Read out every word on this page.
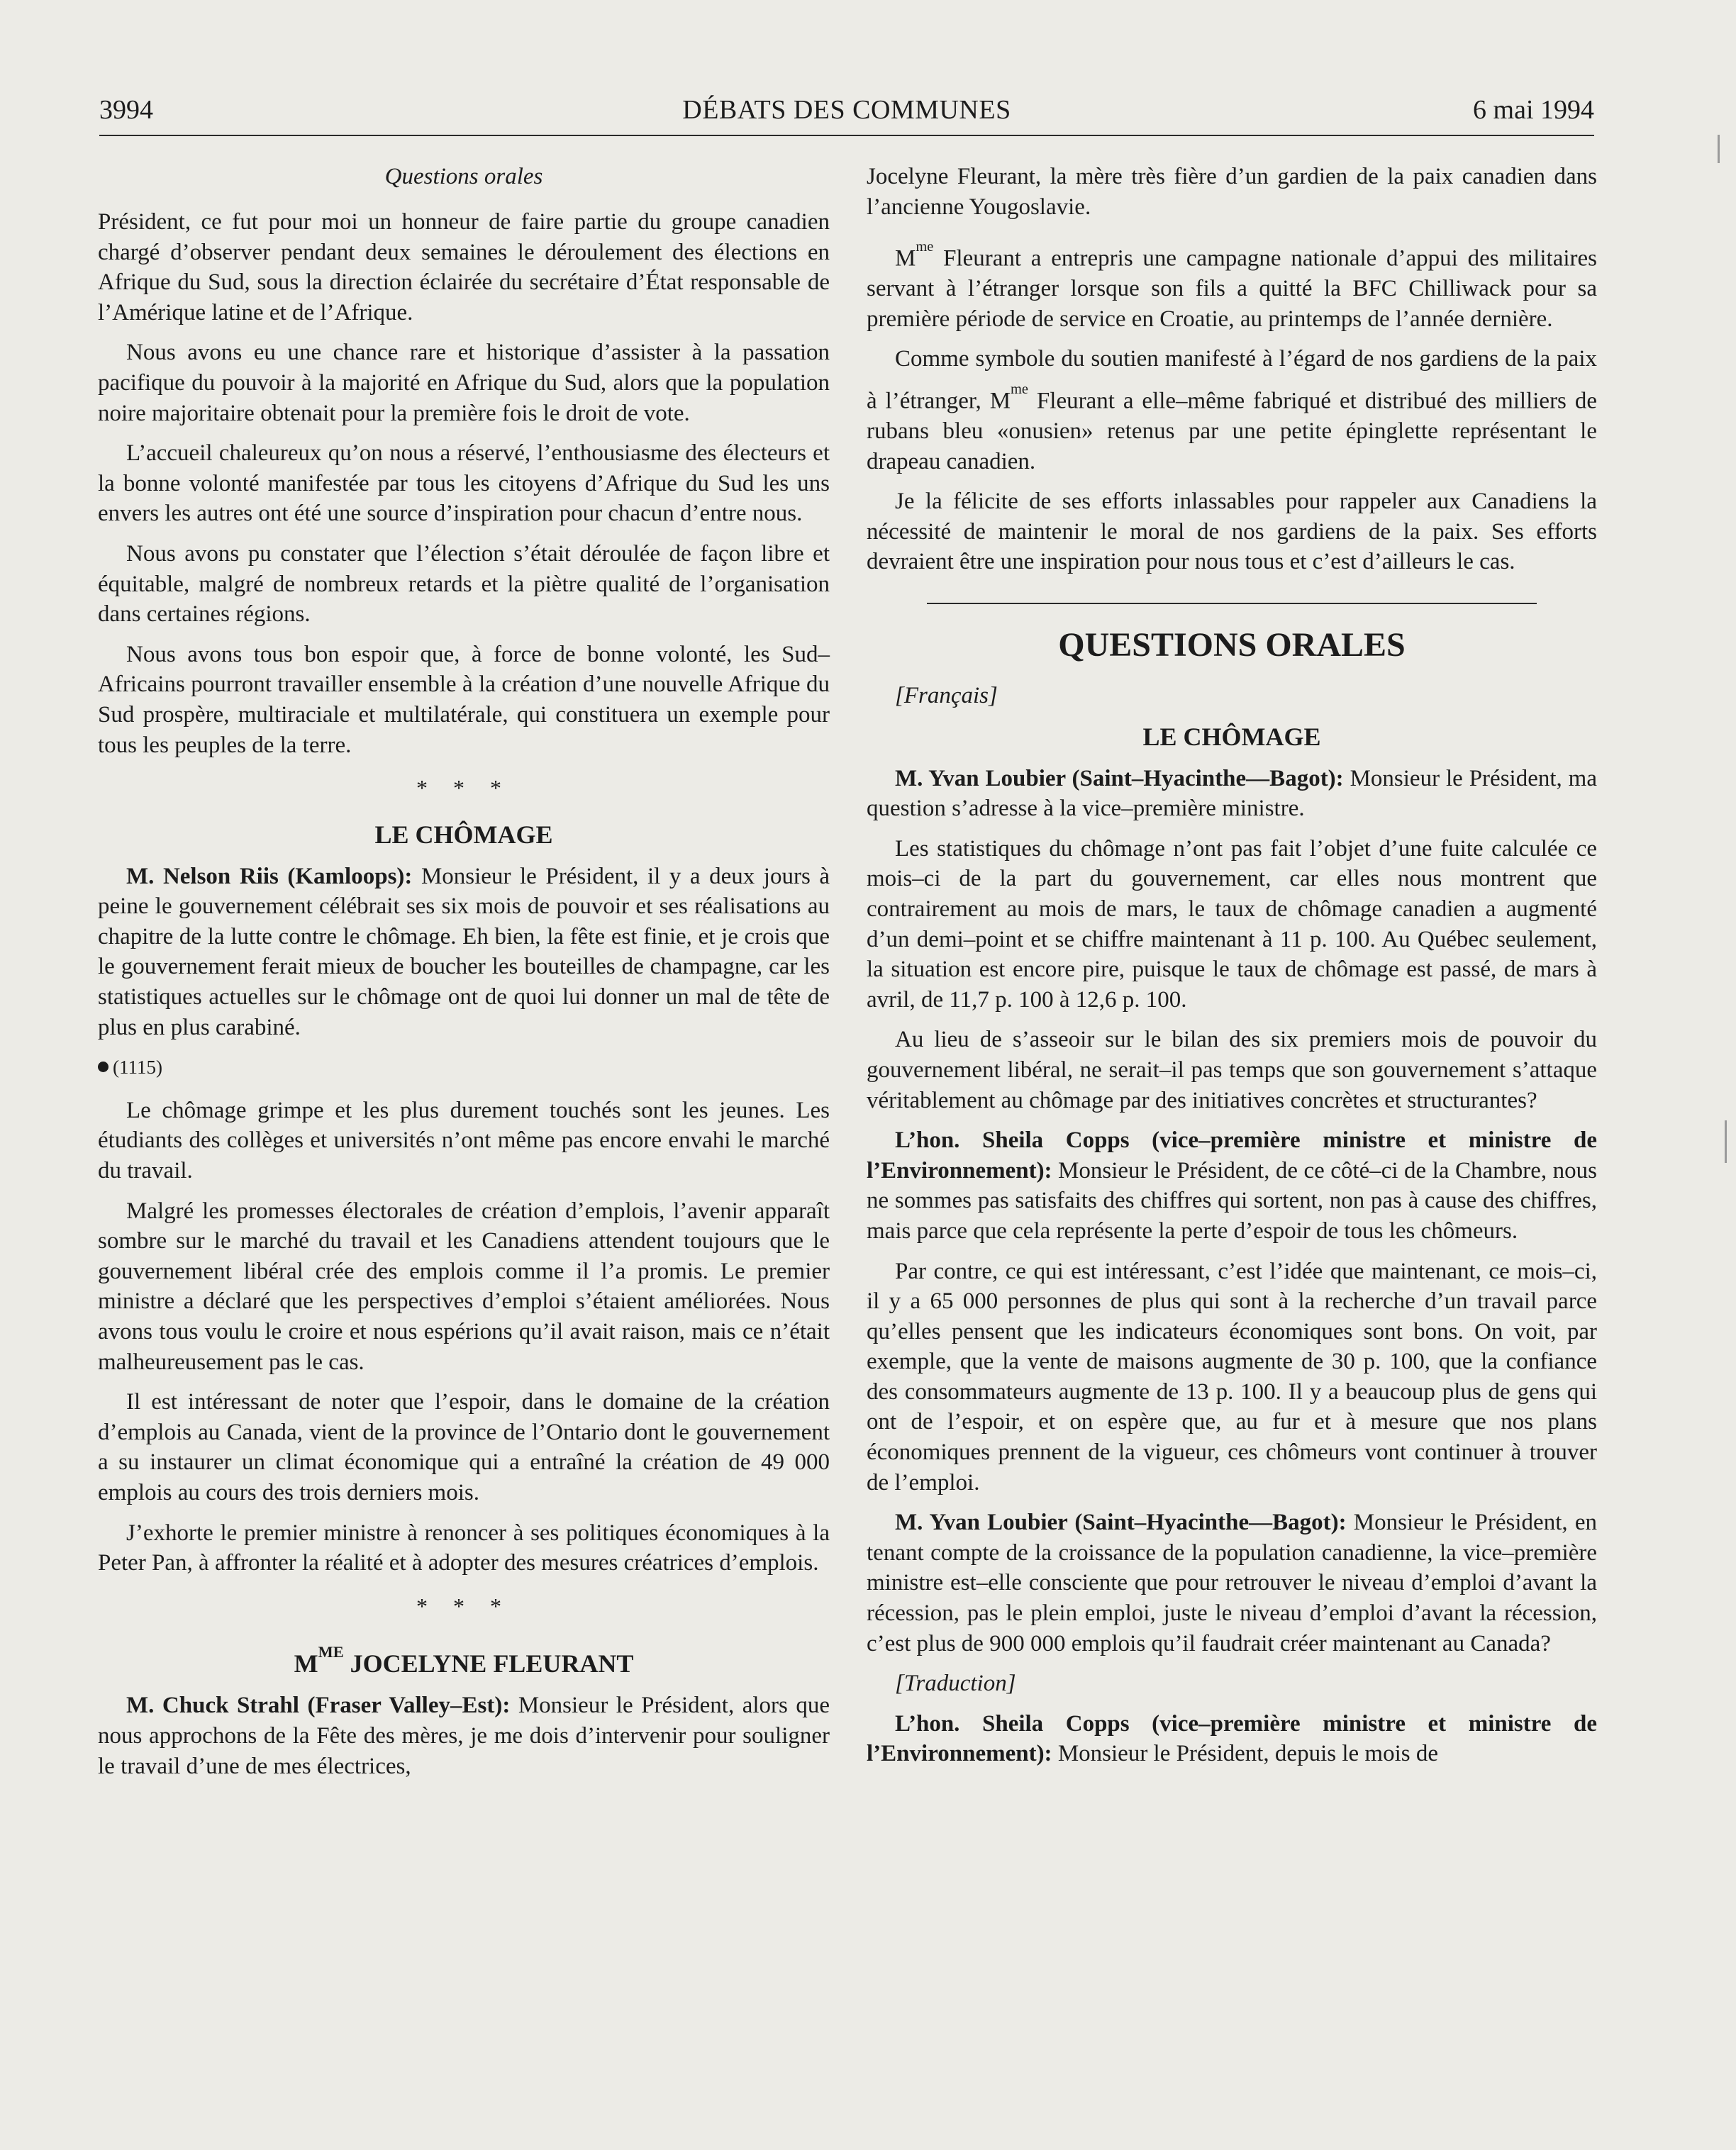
3994	DÉBATS DES COMMUNES	6 mai 1994
Questions orales

Président, ce fut pour moi un honneur de faire partie du groupe canadien chargé d’observer pendant deux semaines le déroulement des élections en Afrique du Sud, sous la direction éclairée du secrétaire d’État responsable de l’Amérique latine et de l’Afrique.

Nous avons eu une chance rare et historique d’assister à la passation pacifique du pouvoir à la majorité en Afrique du Sud, alors que la population noire majoritaire obtenait pour la première fois le droit de vote.

L’accueil chaleureux qu’on nous a réservé, l’enthousiasme des électeurs et la bonne volonté manifestée par tous les citoyens d’Afrique du Sud les uns envers les autres ont été une source d’inspiration pour chacun d’entre nous.

Nous avons pu constater que l’élection s’était déroulée de façon libre et équitable, malgré de nombreux retards et la piètre qualité de l’organisation dans certaines régions.

Nous avons tous bon espoir que, à force de bonne volonté, les Sud–Africains pourront travailler ensemble à la création d’une nouvelle Afrique du Sud prospère, multiraciale et multilatérale, qui constituera un exemple pour tous les peuples de la terre.

* * *
LE CHÔMAGE

M. Nelson Riis (Kamloops): Monsieur le Président, il y a deux jours à peine le gouvernement célébrait ses six mois de pouvoir et ses réalisations au chapitre de la lutte contre le chômage. Eh bien, la fête est finie, et je crois que le gouvernement ferait mieux de boucher les bouteilles de champagne, car les statistiques actuelles sur le chômage ont de quoi lui donner un mal de tête de plus en plus carabiné.

(1115)

Le chômage grimpe et les plus durement touchés sont les jeunes. Les étudiants des collèges et universités n’ont même pas encore envahi le marché du travail.

Malgré les promesses électorales de création d’emplois, l’avenir apparaît sombre sur le marché du travail et les Canadiens attendent toujours que le gouvernement libéral crée des emplois comme il l’a promis. Le premier ministre a déclaré que les perspectives d’emploi s’étaient améliorées. Nous avons tous voulu le croire et nous espérions qu’il avait raison, mais ce n’était malheureusement pas le cas.

Il est intéressant de noter que l’espoir, dans le domaine de la création d’emplois au Canada, vient de la province de l’Ontario dont le gouvernement a su instaurer un climat économique qui a entraîné la création de 49 000 emplois au cours des trois derniers mois.

J’exhorte le premier ministre à renoncer à ses politiques économiques à la Peter Pan, à affronter la réalité et à adopter des mesures créatrices d’emplois.

* * *
$M^{ME}$ JOCELYNE FLEURANT

M. Chuck Strahl (Fraser Valley–Est): Monsieur le Président, alors que nous approchons de la Fête des mères, je me dois d’intervenir pour souligner le travail d’une de mes électrices,

Jocelyne Fleurant, la mère très fière d’un gardien de la paix canadien dans l’ancienne Yougoslavie.

$M^{me}$ Fleurant a entrepris une campagne nationale d’appui des militaires servant à l’étranger lorsque son fils a quitté la BFC Chilliwack pour sa première période de service en Croatie, au printemps de l’année dernière.

Comme symbole du soutien manifesté à l’égard de nos gardiens de la paix à l’étranger, $M^{me}$ Fleurant a elle–même fabriqué et distribué des milliers de rubans bleu «onusien» retenus par une petite épinglette représentant le drapeau canadien.

Je la félicite de ses efforts inlassables pour rappeler aux Canadiens la nécessité de maintenir le moral de nos gardiens de la paix. Ses efforts devraient être une inspiration pour nous tous et c’est d’ailleurs le cas.

QUESTIONS ORALES

[Français]

LE CHÔMAGE

M. Yvan Loubier (Saint–Hyacinthe—Bagot): Monsieur le Président, ma question s’adresse à la vice–première ministre.

Les statistiques du chômage n’ont pas fait l’objet d’une fuite calculée ce mois–ci de la part du gouvernement, car elles nous montrent que contrairement au mois de mars, le taux de chômage canadien a augmenté d’un demi–point et se chiffre maintenant à 11 p. 100. Au Québec seulement, la situation est encore pire, puisque le taux de chômage est passé, de mars à avril, de 11,7 p. 100 à 12,6 p. 100.

Au lieu de s’asseoir sur le bilan des six premiers mois de pouvoir du gouvernement libéral, ne serait–il pas temps que son gouvernement s’attaque véritablement au chômage par des initiatives concrètes et structurantes?

L’hon. Sheila Copps (vice–première ministre et ministre de l’Environnement): Monsieur le Président, de ce côté–ci de la Chambre, nous ne sommes pas satisfaits des chiffres qui sortent, non pas à cause des chiffres, mais parce que cela représente la perte d’espoir de tous les chômeurs.

Par contre, ce qui est intéressant, c’est l’idée que maintenant, ce mois–ci, il y a 65 000 personnes de plus qui sont à la recherche d’un travail parce qu’elles pensent que les indicateurs économiques sont bons. On voit, par exemple, que la vente de maisons augmente de 30 p. 100, que la confiance des consommateurs augmente de 13 p. 100. Il y a beaucoup plus de gens qui ont de l’espoir, et on espère que, au fur et à mesure que nos plans économiques prennent de la vigueur, ces chômeurs vont continuer à trouver de l’emploi.

M. Yvan Loubier (Saint–Hyacinthe—Bagot): Monsieur le Président, en tenant compte de la croissance de la population canadienne, la vice–première ministre est–elle consciente que pour retrouver le niveau d’emploi d’avant la récession, pas le plein emploi, juste le niveau d’emploi d’avant la récession, c’est plus de 900 000 emplois qu’il faudrait créer maintenant au Canada?

[Traduction]

L’hon. Sheila Copps (vice–première ministre et ministre de l’Environnement): Monsieur le Président, depuis le mois de
